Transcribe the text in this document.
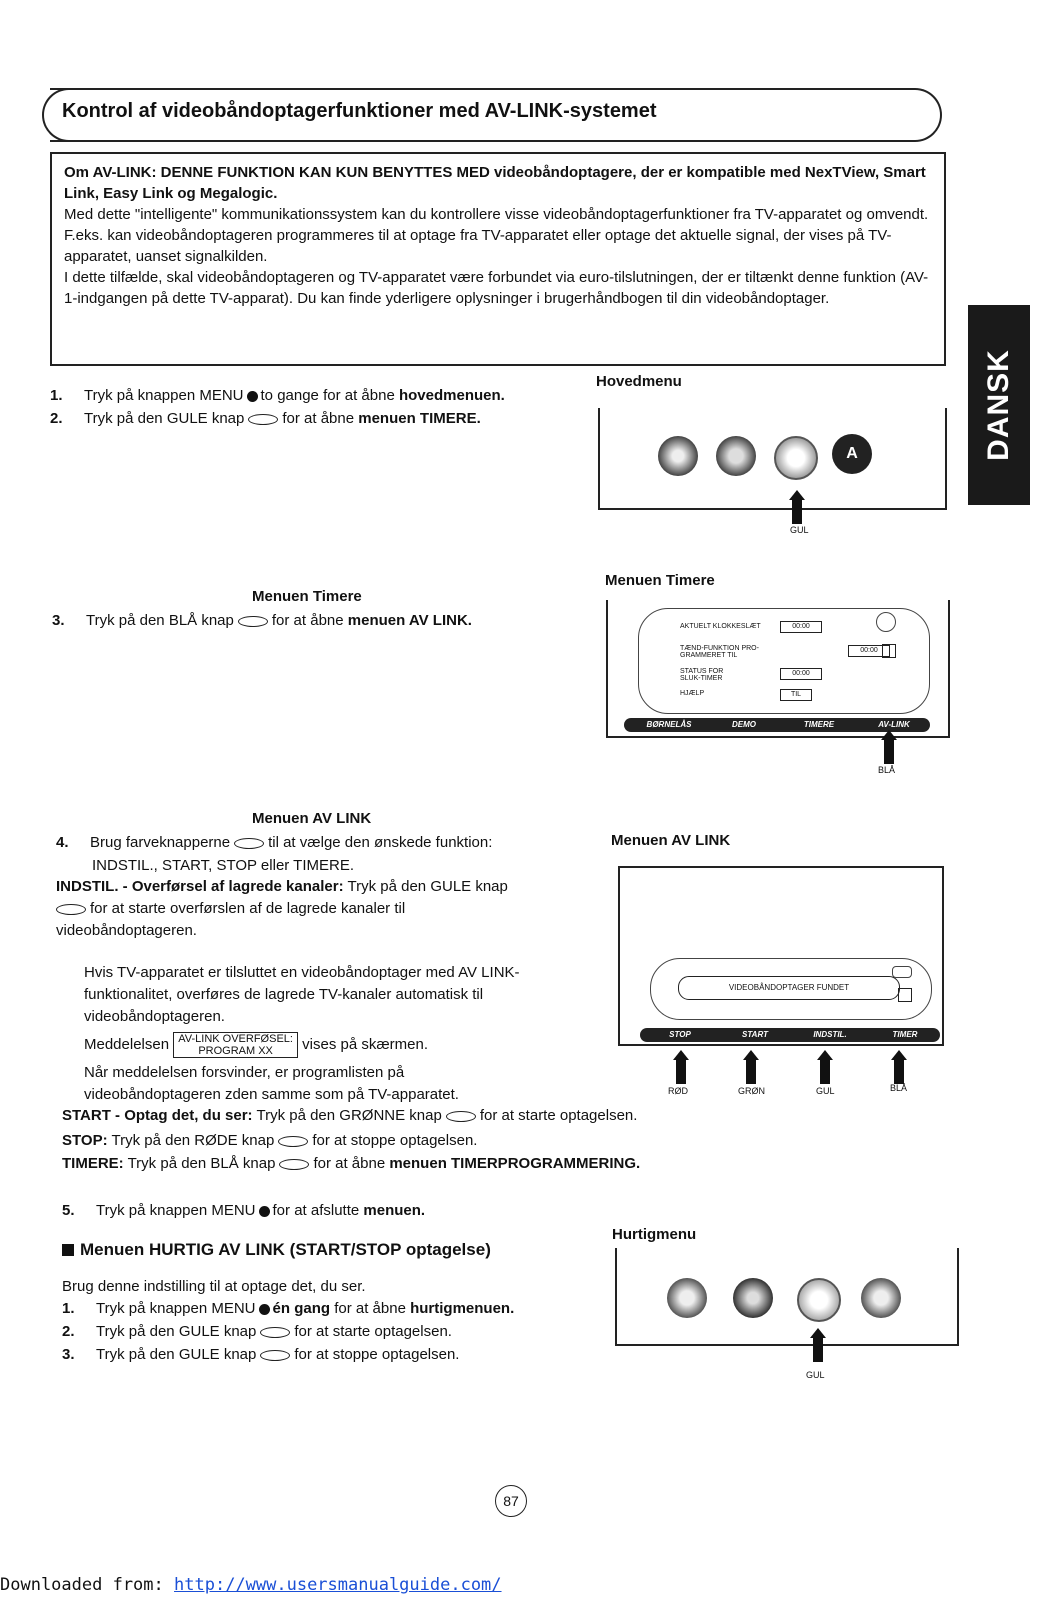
Kontrol af videobåndoptagerfunktioner med AV-LINK-systemet

Om AV-LINK: DENNE FUNKTION KAN KUN BENYTTES MED videobåndoptagere, der er kompatible med NexTView, Smart Link, Easy Link og Megalogic.

Med dette "intelligente" kommunikationssystem kan du kontrollere visse videobåndoptagerfunktioner fra TV-apparatet og omvendt.

F.eks. kan videobåndoptageren programmeres til at optage fra TV-apparatet eller optage det aktuelle signal, der vises på TV-apparatet, uanset signalkilden.

I dette tilfælde, skal videobåndoptageren og TV-apparatet være forbundet via euro-tilslutningen, der er tiltænkt denne funktion (AV-1-indgangen på dette TV-apparat). Du kan finde yderligere oplysninger i brugerhåndbogen til din videobåndoptager.

DANSK
1. Tryk på knappen MENU to gange for at åbne hovedmenuen.
2. Tryk på den GULE knap	for at åbne menuen TIMERE.
Hovedmenu
A
GUL
Menuen Timere
3. Tryk på den BLÅ knap	for at åbne menuen AV LINK.
Menuen Timere
AKTUELT KLOKKESLÆT	00:00
TÆND-FUNKTION PRO-GRAMMERET TIL
00:00
STATUS FOR SLUK-TIMER
00:00
HJÆLP	TIL
BØRNELÅS	DEMO	TIMERE	AV-LINK
BLÅ
Menuen AV LINK
4. Brug farveknapperne	til at vælge den ønskede funktion:
INDSTIL., START, STOP eller TIMERE.
INDSTIL. - Overførsel af lagrede kanaler: Tryk på den GULE knap
for at starte overførslen af de lagrede kanaler til
videobåndoptageren.
Hvis TV-apparatet er tilsluttet en videobåndoptager med AV LINK-
funktionalitet, overføres de lagrede TV-kanaler automatisk til
videobåndoptageren.
Meddelelsen AV-LINK OVERFØSEL:
PROGRAM XX vises på skærmen.
Når meddelelsen forsvinder, er programlisten på
videobåndoptageren zden samme som på TV-apparatet.
START - Optag det, du ser: Tryk på den GRØNNE knap	for at starte optagelsen.
STOP: Tryk på den RØDE knap	for at stoppe optagelsen.
TIMERE: Tryk på den BLÅ knap	for at åbne menuen TIMERPROGRAMMERING.
Menuen AV LINK
VIDEOBÅNDOPTAGER FUNDET
STOP	START	INDSTIL.	TIMER
RØD	GRØN	GUL	BLÅ
5. Tryk på knappen MENU for at afslutte menuen.
Menuen HURTIG AV LINK (START/STOP optagelse)
Brug denne indstilling til at optage det, du ser.
1. Tryk på knappen MENU én gang for at åbne hurtigmenuen.
2. Tryk på den GULE knap	for at starte optagelsen.
3. Tryk på den GULE knap	for at stoppe optagelsen.
Hurtigmenu
GUL
87
Downloaded from: http://www.usersmanualguide.com/
